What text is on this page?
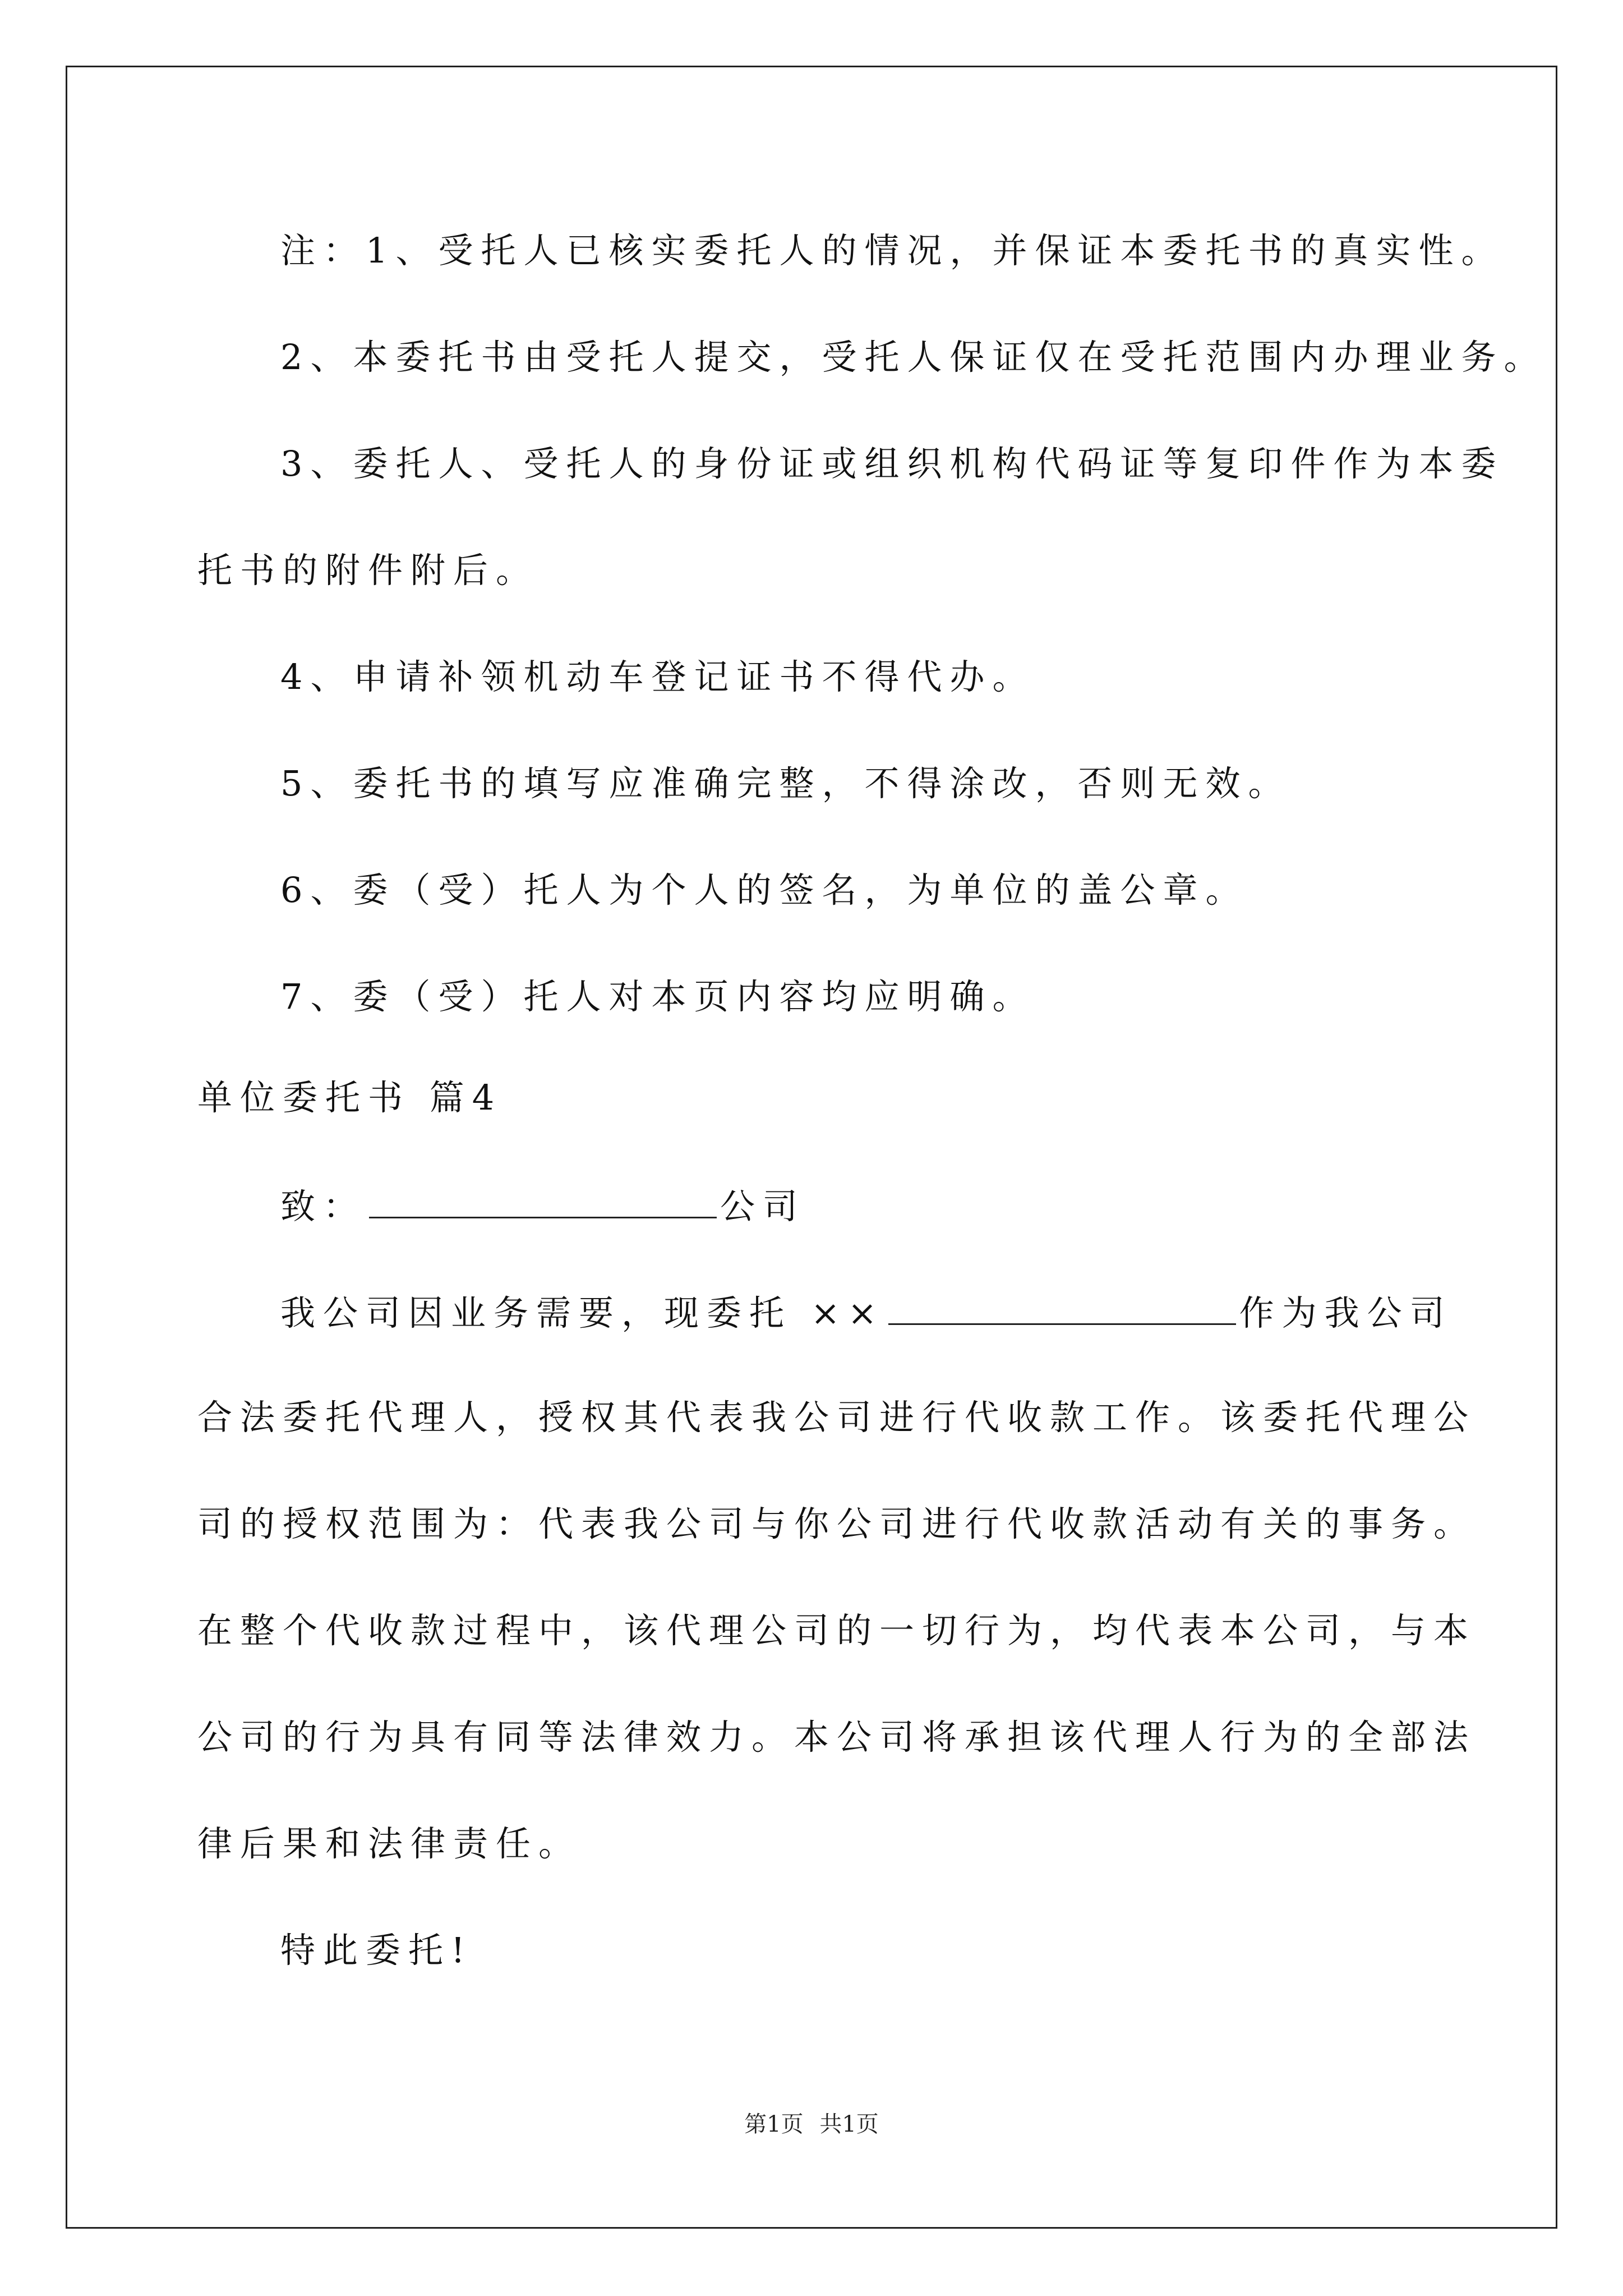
注：1、受托人已核实委托人的情况，并保证本委托书的真实性。
2、本委托书由受托人提交，受托人保证仅在受托范围内办理业务。
3、委托人、受托人的身份证或组织机构代码证等复印件作为本委
托书的附件附后。
4、申请补领机动车登记证书不得代办。
5、委托书的填写应准确完整，不得涂改，否则无效。
6、委（受）托人为个人的签名，为单位的盖公章。
7、委（受）托人对本页内容均应明确。
单位委托书 篇4
致：	公司
我公司因业务需要，现委托 ××	作为我公司
合法委托代理人，授权其代表我公司进行代收款工作。该委托代理公
司的授权范围为：代表我公司与你公司进行代收款活动有关的事务。
在整个代收款过程中，该代理公司的一切行为，均代表本公司，与本
公司的行为具有同等法律效力。本公司将承担该代理人行为的全部法
律后果和法律责任。
特此委托!
第1页 共1页
